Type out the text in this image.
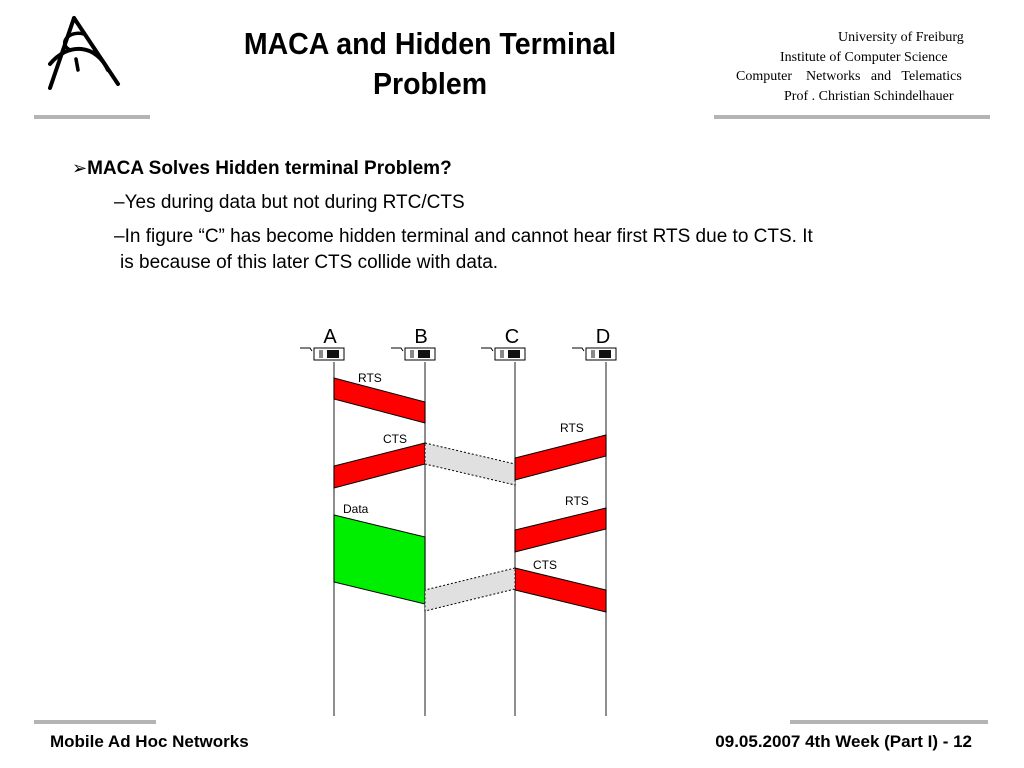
MACA and Hidden Terminal
Problem
University of Freiburg
Institute of Computer Science
Computer    Networks   and   Telematics
Prof . Christian Schindelhauer
➢MACA Solves Hidden terminal Problem?
–Yes during data but not during RTC/CTS
–In figure “C” has become hidden terminal and cannot hear first RTS due to CTS. It
is because of this later CTS collide with data.
A	B	C	D
RTS
CTS
RTS
Data
RTS
CTS
Mobile Ad Hoc Networks	09.05.2007 4th Week (Part I) - 12
